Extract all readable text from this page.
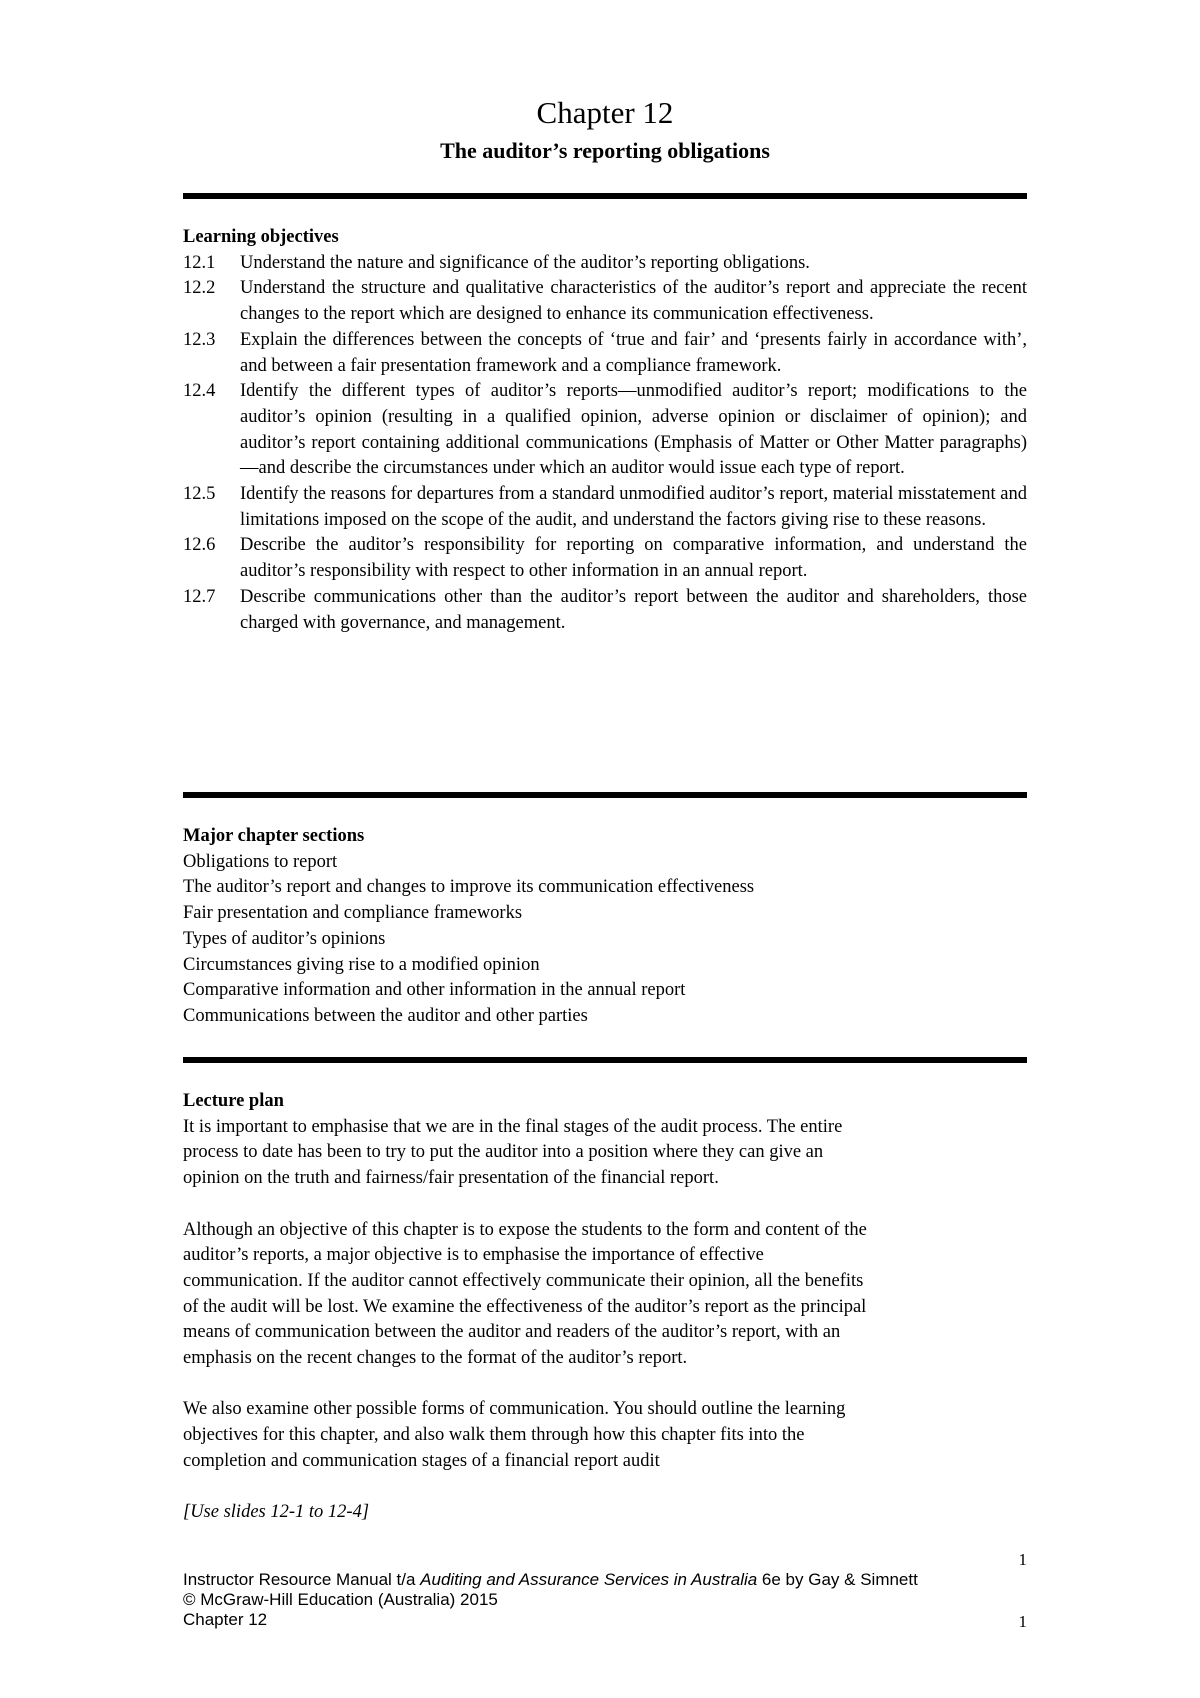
Chapter 12
The auditor’s reporting obligations
Learning objectives
12.1	Understand the nature and significance of the auditor’s reporting obligations.
12.2	Understand the structure and qualitative characteristics of the auditor’s report and appreciate the recent changes to the report which are designed to enhance its communication effectiveness.
12.3	Explain the differences between the concepts of ‘true and fair’ and ‘presents fairly in accordance with’, and between a fair presentation framework and a compliance framework.
12.4	Identify the different types of auditor’s reports—unmodified auditor’s report; modifications to the auditor’s opinion (resulting in a qualified opinion, adverse opinion or disclaimer of opinion); and auditor’s report containing additional communications (Emphasis of Matter or Other Matter paragraphs)—and describe the circumstances under which an auditor would issue each type of report.
12.5	Identify the reasons for departures from a standard unmodified auditor’s report, material misstatement and limitations imposed on the scope of the audit, and understand the factors giving rise to these reasons.
12.6	Describe the auditor’s responsibility for reporting on comparative information, and understand the auditor’s responsibility with respect to other information in an annual report.
12.7	Describe communications other than the auditor’s report between the auditor and shareholders, those charged with governance, and management.
Major chapter sections
Obligations to report
The auditor’s report and changes to improve its communication effectiveness
Fair presentation and compliance frameworks
Types of auditor’s opinions
Circumstances giving rise to a modified opinion
Comparative information and other information in the annual report
Communications between the auditor and other parties
Lecture plan
It is important to emphasise that we are in the final stages of the audit process. The entire
process to date has been to try to put the auditor into a position where they can give an
opinion on the truth and fairness/fair presentation of the financial report.
Although an objective of this chapter is to expose the students to the form and content of the
auditor’s reports, a major objective is to emphasise the importance of effective
communication. If the auditor cannot effectively communicate their opinion, all the benefits
of the audit will be lost. We examine the effectiveness of the auditor’s report as the principal
means of communication between the auditor and readers of the auditor’s report, with an
emphasis on the recent changes to the format of the auditor’s report.
We also examine other possible forms of communication. You should outline the learning
objectives for this chapter, and also walk them through how this chapter fits into the
completion and communication stages of a financial report audit
[Use slides 12-1 to 12-4]
1
Instructor Resource Manual t/a Auditing and Assurance Services in Australia 6e by Gay & Simnett
© McGraw-Hill Education (Australia) 2015
Chapter 12	1
